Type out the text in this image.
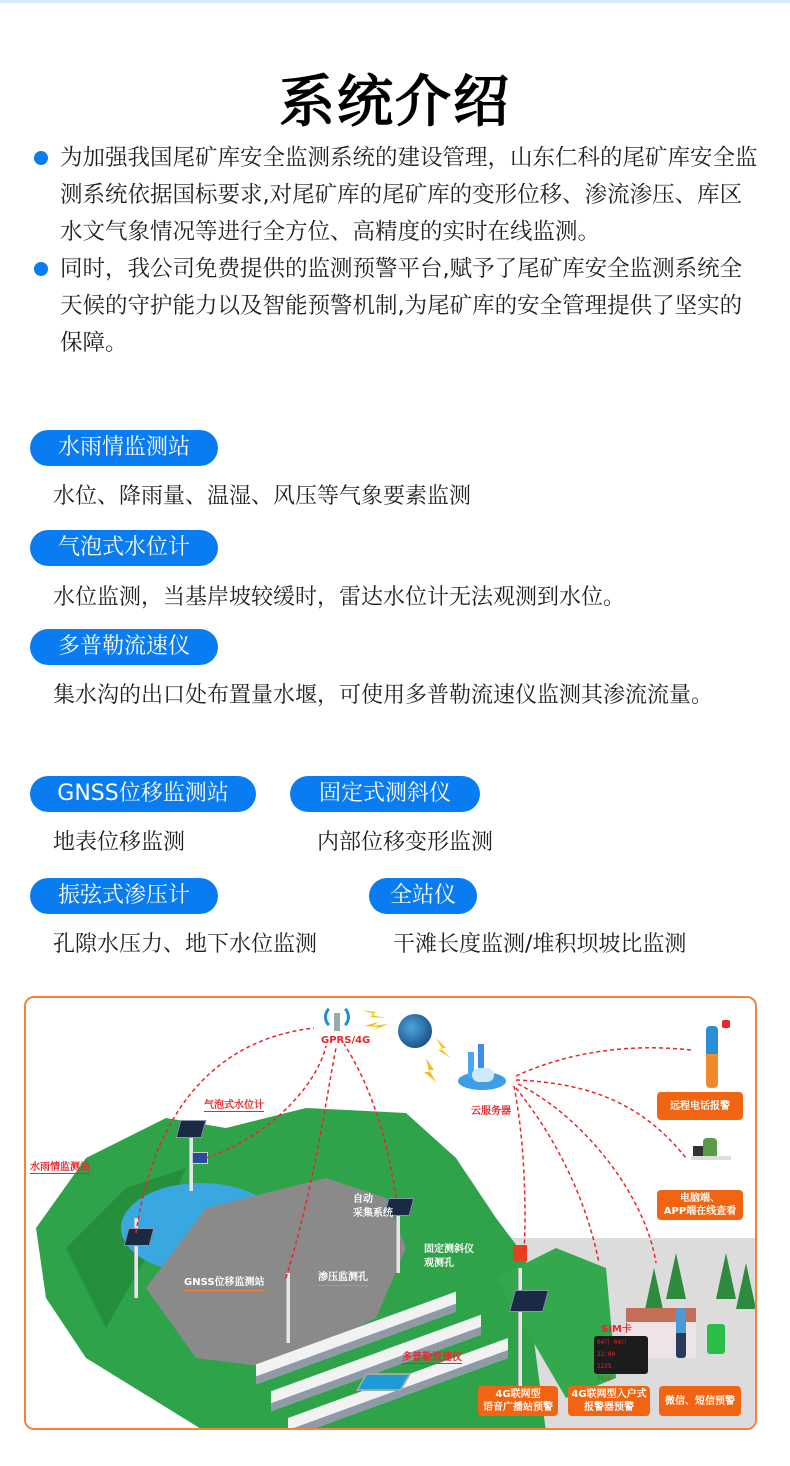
系统介绍

为加强我国尾矿库安全监测系统的建设管理，山东仁科的尾矿库安全监测系统依据国标要求,对尾矿库的尾矿库的变形位移、渗流渗压、库区水文气象情况等进行全方位、高精度的实时在线监测。

同时，我公司免费提供的监测预警平台,赋予了尾矿库安全监测系统全天候的守护能力以及智能预警机制,为尾矿库的安全管理提供了坚实的保障。

水雨情监测站
水位、降雨量、温湿、风压等气象要素监测
气泡式水位计
水位监测，当基岸坡较缓时，雷达水位计无法观测到水位。
多普勒流速仪
集水沟的出口处布置量水堰，可使用多普勒流速仪监测其渗流流量。
GNSS位移监测站
地表位移监测
固定式测斜仪
内部位移变形监测
振弦式渗压计
孔隙水压力、地下水位监测
全站仪
干滩长度监测/堆积坝坡比监测
04月 04日 22:00
2225
0025
GPRS/4G
云服务器
气泡式水位计
水雨情监测站
多普勒流速仪
SIM卡
自动
采集系统
GNSS位移监测站	渗压监测孔
固定测斜仪
观测孔
远程电话报警
电脑端、
APP端在线查看
4G联网型
语音广播站预警
4G联网型入户式
报警器预警
微信、短信预警
